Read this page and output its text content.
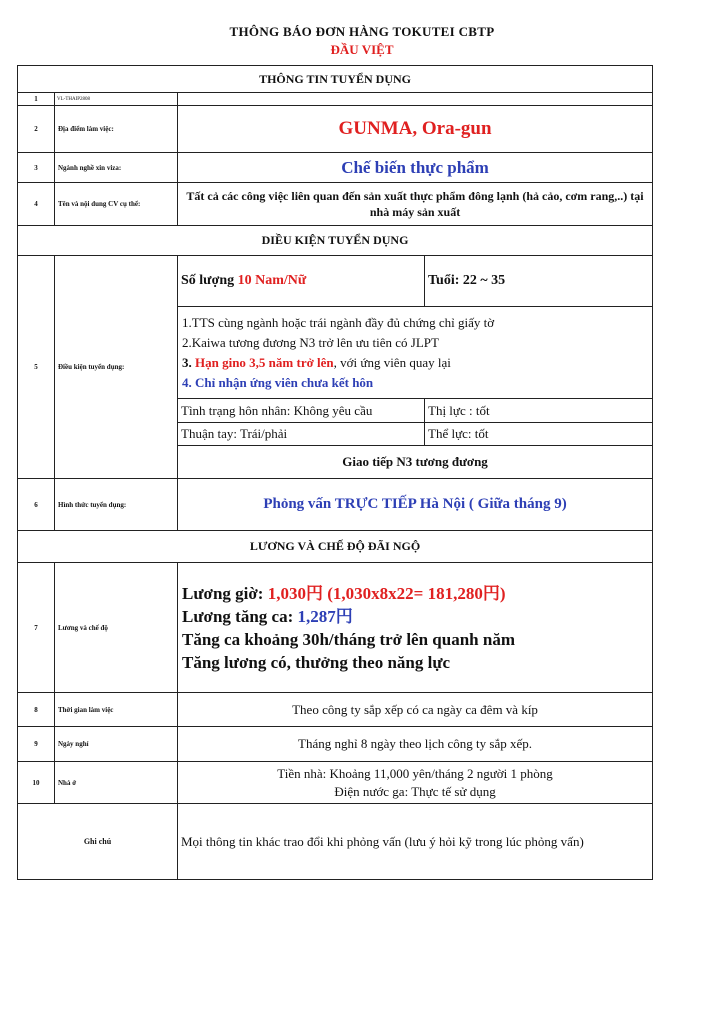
THÔNG BÁO ĐƠN HÀNG TOKUTEI CBTP
ĐẦU VIỆT
THÔNG TIN TUYỂN DỤNG			
1	VL-THAIP2808		
2	Địa điểm làm việc:	GUNMA, Ora-gun	
3	Ngành nghề xin viza:	Chế biến thực phẩm	
4	Tên và nội dung CV cụ thể:	Tất cả các công việc liên quan đến sản xuất thực phẩm đông lạnh (hả cảo, cơm rang,..) tại nhà máy sản xuất	
DIỀU KIỆN TUYỂN DỤNG			
5	Điều kiện tuyển dụng:	Số lượng 10 Nam/Nữ	Tuổi: 22 ~ 35

		1.TTS cùng ngành hoặc trái ngành đầy đủ chứng chỉ giấy tờ
2.Kaiwa tương đương N3 trở lên ưu tiên có JLPT
3. Hạn gino 3,5 năm trở lên, với ứng viên quay lại
4. Chỉ nhận ứng viên chưa kết hôn	

		Tình trạng hôn nhân: Không yêu cầu	Thị lực : tốt
		Thuận tay: Trái/phải	Thể lực: tốt
		Giao tiếp N3 tương đương	
6	Hình thức tuyển dụng:	Phỏng vấn TRỰC TIẾP Hà Nội ( Giữa tháng 9)	
LƯƠNG VÀ CHẾ ĐỘ ĐÃI NGỘ			
7	Lương và chế độ	Lương giờ: 1,030円 (1,030x8x22= 181,280円)
Lương tăng ca: 1,287円
Tăng ca khoảng 30h/tháng trở lên quanh năm
Tăng lương có, thưởng theo năng lực	

8	Thời gian làm việc	Theo công ty sắp xếp có ca ngày ca đêm và kíp	
9	Ngày nghỉ	Tháng nghỉ 8 ngày theo lịch công ty sắp xếp.	
10	Nhà ở	Tiền nhà: Khoảng 11,000 yên/tháng 2 người 1 phòng
Điện nước ga: Thực tế sử dụng	

Ghi chú		Mọi thông tin khác trao đổi khi phỏng vấn (lưu ý hỏi kỹ trong lúc phỏng vấn)	
